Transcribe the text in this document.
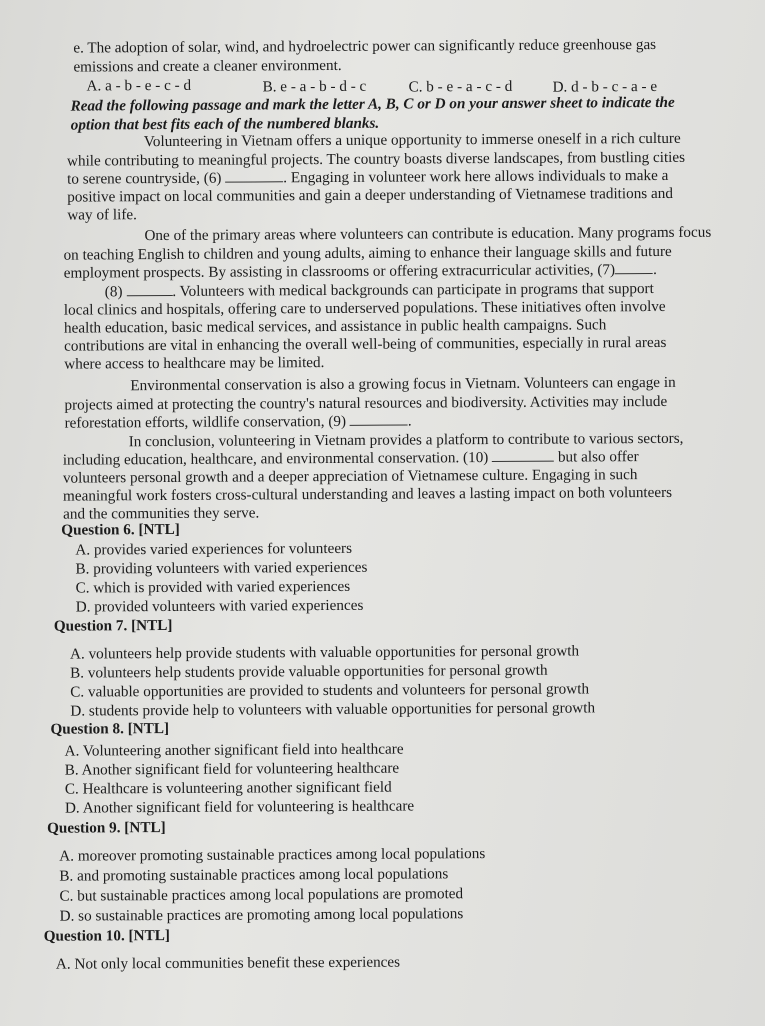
e. The adoption of solar, wind, and hydroelectric power can significantly reduce greenhouse gas
emissions and create a cleaner environment.
A. a - b - e - c - d	B. e - a - b - d - c	C. b - e - a - c - d	D. d - b - c - a - e
Read the following passage and mark the letter A, B, C or D on your answer sheet to indicate the
option that best fits each of the numbered blanks.
Volunteering in Vietnam offers a unique opportunity to immerse oneself in a rich culture
while contributing to meaningful projects. The country boasts diverse landscapes, from bustling cities
to serene countryside, (6)	. Engaging in volunteer work here allows individuals to make a
positive impact on local communities and gain a deeper understanding of Vietnamese traditions and
way of life.
One of the primary areas where volunteers can contribute is education. Many programs focus
on teaching English to children and young adults, aiming to enhance their language skills and future
employment prospects. By assisting in classrooms or offering extracurricular activities, (7) .
(8)	. Volunteers with medical backgrounds can participate in programs that support
local clinics and hospitals, offering care to underserved populations. These initiatives often involve
health education, basic medical services, and assistance in public health campaigns. Such
contributions are vital in enhancing the overall well-being of communities, especially in rural areas
where access to healthcare may be limited.
Environmental conservation is also a growing focus in Vietnam. Volunteers can engage in
projects aimed at protecting the country's natural resources and biodiversity. Activities may include
reforestation efforts, wildlife conservation, (9)	.
In conclusion, volunteering in Vietnam provides a platform to contribute to various sectors,
including education, healthcare, and environmental conservation. (10)	but also offer
volunteers personal growth and a deeper appreciation of Vietnamese culture. Engaging in such
meaningful work fosters cross-cultural understanding and leaves a lasting impact on both volunteers
and the communities they serve.
Question 6. [NTL]
A. provides varied experiences for volunteers
B. providing volunteers with varied experiences
C. which is provided with varied experiences
D. provided volunteers with varied experiences
Question 7. [NTL]
A. volunteers help provide students with valuable opportunities for personal growth
B. volunteers help students provide valuable opportunities for personal growth
C. valuable opportunities are provided to students and volunteers for personal growth
D. students provide help to volunteers with valuable opportunities for personal growth
Question 8. [NTL]
A. Volunteering another significant field into healthcare
B. Another significant field for volunteering healthcare
C. Healthcare is volunteering another significant field
D. Another significant field for volunteering is healthcare
Question 9. [NTL]
A. moreover promoting sustainable practices among local populations
B. and promoting sustainable practices among local populations
C. but sustainable practices among local populations are promoted
D. so sustainable practices are promoting among local populations
Question 10. [NTL]
A. Not only local communities benefit these experiences
